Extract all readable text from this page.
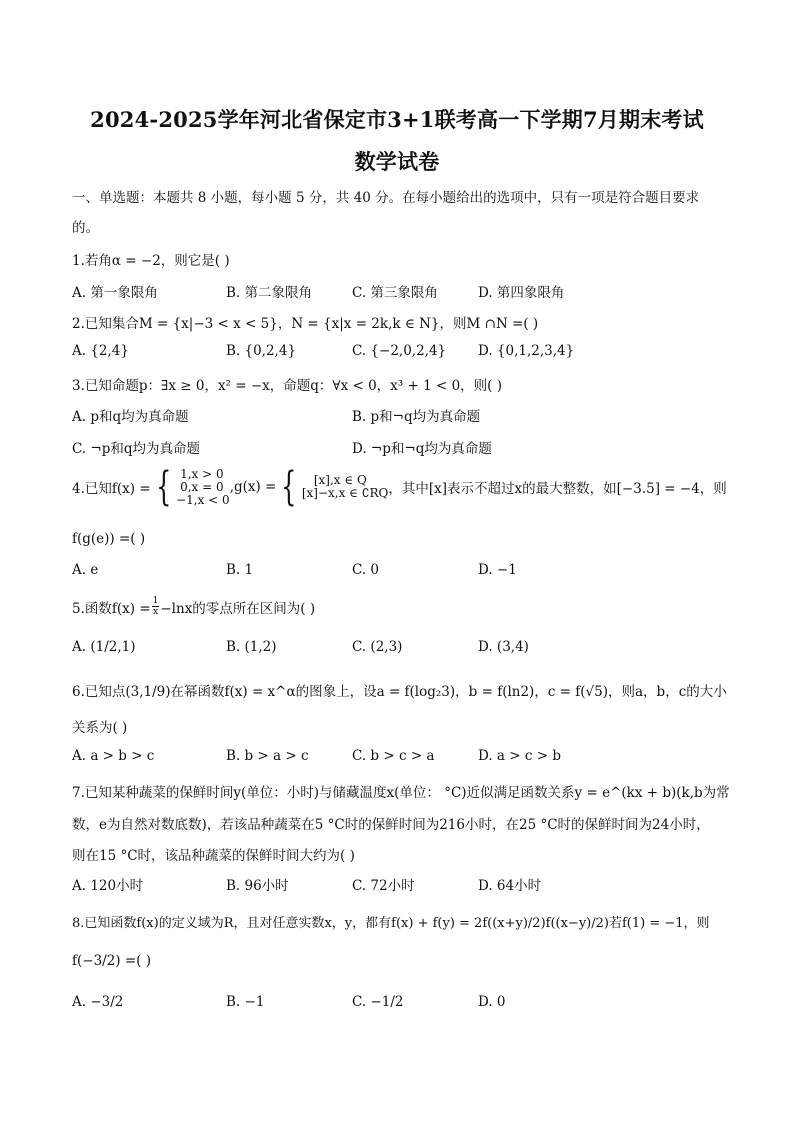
2024-2025学年河北省保定市3+1联考高一下学期7月期末考试
数学试卷
一、单选题：本题共 8 小题，每小题 5 分，共 40 分。在每小题给出的选项中，只有一项是符合题目要求
的。
1.若角α = −2，则它是( )
A. 第一象限角	B. 第二象限角	C. 第三象限角	D. 第四象限角
2.已知集合M = {x|−3 < x < 5}，N = {x|x = 2k,k ∈ N}，则M ∩N =( )
A. {2,4}	B. {0,2,4}	C. {−2,0,2,4} D. {0,1,2,3,4}
3.已知命题p：∃x ≥ 0，x² = −x，命题q：∀x < 0，x³ + 1 < 0，则( )
A. p和q均为真命题	B. p和¬q均为真命题
C. ¬p和q均为真命题	D. ¬p和¬q均为真命题
4.已知f(x) = { 1,x > 0
0,x = 0
−1,x < 0
,g(x) = {	[x],x ∈ Q
[x]−x,x ∈ ∁RQ ，其中[x]表示不超过x的最大整数，如[−3.5] = −4，则
f(g(e)) =( )
A. e	B. 1	C. 0	D. −1
5.函数$f(x) = \frac{1}{x} -\ln x$的零点所在区间为( )
A. (1/2,1)	B. (1,2)	C. (2,3)	D. (3,4)
6.已知点(3,1/9)在幂函数f(x) = x^α的图象上，设a = f(log₂3)，b = f(ln2)，c = f(√5)，则a，b，c的大小
关系为( )
A. a > b > c	B. b > a > c	C. b > c > a	D. a > c > b
7.已知某种蔬菜的保鲜时间y(单位：小时)与储藏温度x(单位： °C)近似满足函数关系y = e^(kx + b)(k,b为常
数，e为自然对数底数)，若该品种蔬菜在5 °C时的保鲜时间为216小时，在25 °C时的保鲜时间为24小时，
则在15 °C时，该品种蔬菜的保鲜时间大约为( )
A. 120小时	B. 96小时	C. 72小时	D. 64小时
8.已知函数f(x)的定义域为R，且对任意实数x，y，都有f(x) + f(y) = 2f((x+y)/2)f((x−y)/2)若f(1) = −1，则
f(−3/2) =( )
A. −3/2	B. −1	C. −1/2	D. 0
